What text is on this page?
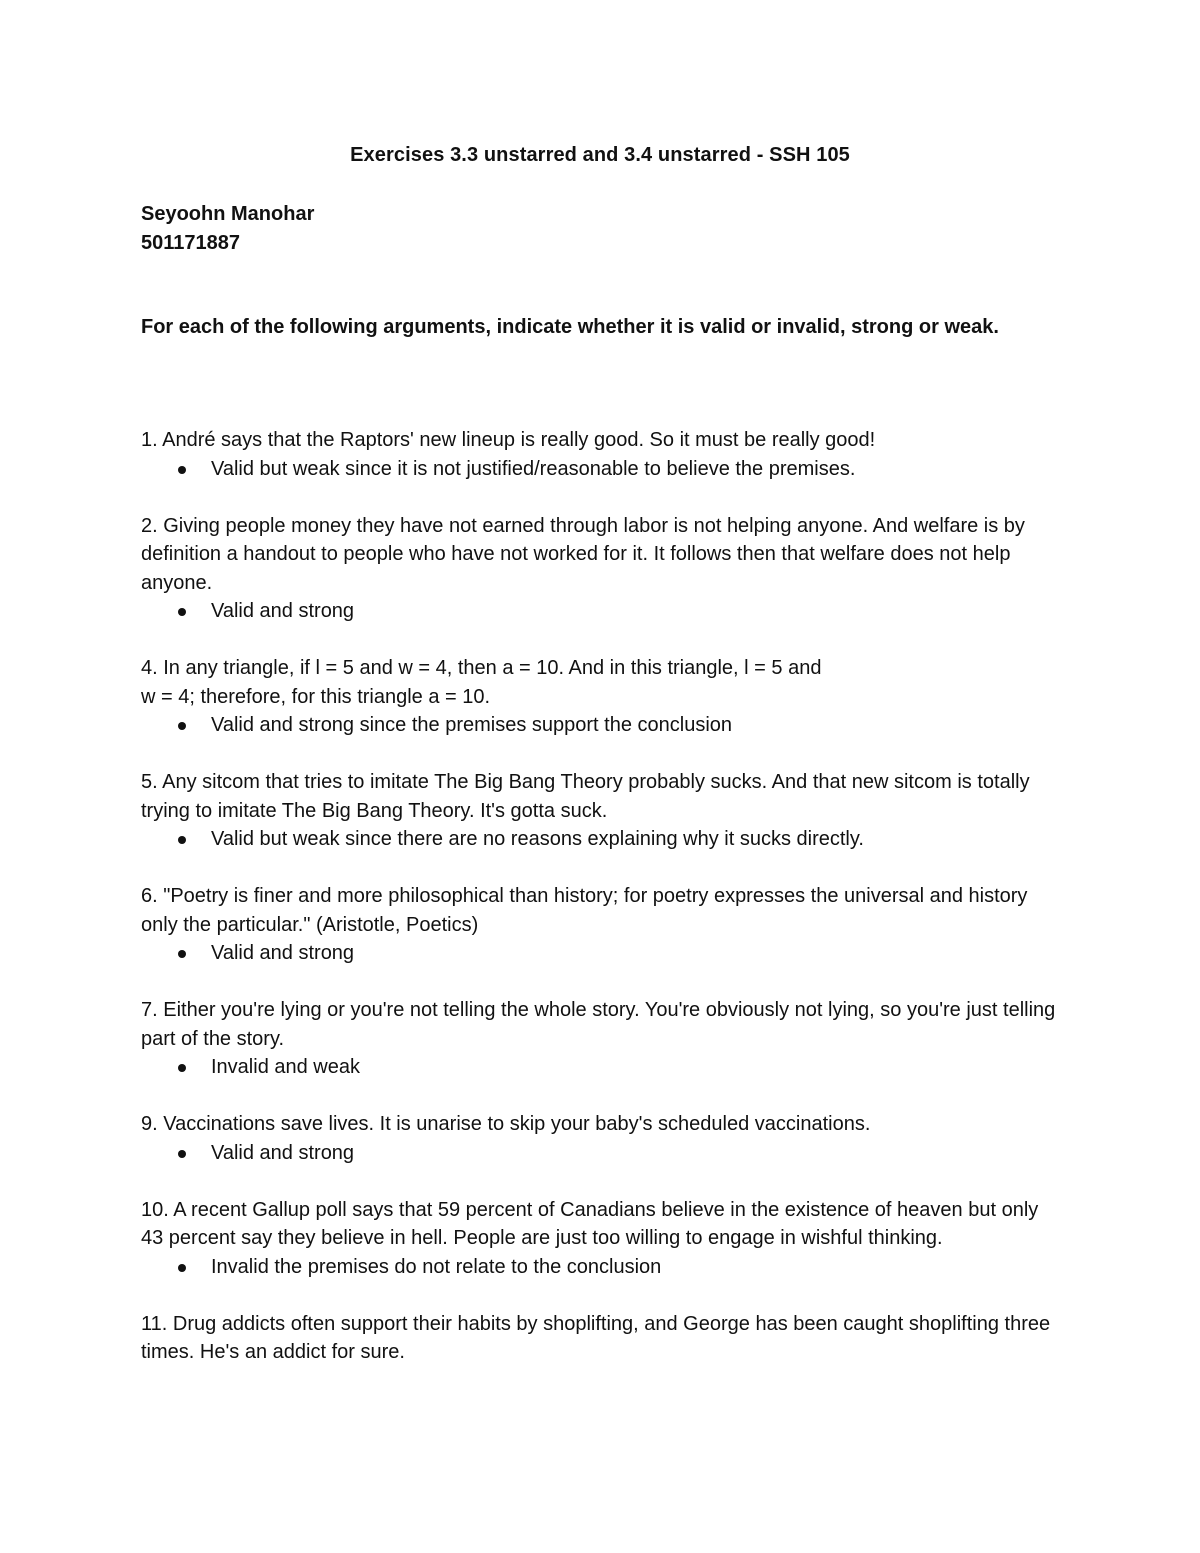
Exercises 3.3 unstarred and 3.4 unstarred - SSH 105
Seyoohn Manohar
501171887
For each of the following arguments, indicate whether it is valid or invalid, strong or weak.
1. André says that the Raptors' new lineup is really good. So it must be really good!
Valid but weak since it is not justified/reasonable to believe the premises.
2. Giving people money they have not earned through labor is not helping anyone. And welfare is by definition a handout to people who have not worked for it. It follows then that welfare does not help anyone.
Valid and strong
4. In any triangle, if l = 5 and w = 4, then a = 10. And in this triangle, l = 5 and
w = 4; therefore, for this triangle a = 10.
Valid and strong since the premises support the conclusion
5. Any sitcom that tries to imitate The Big Bang Theory probably sucks. And that new sitcom is totally trying to imitate The Big Bang Theory. It's gotta suck.
Valid but weak since there are no reasons explaining why it sucks directly.
6. "Poetry is finer and more philosophical than history; for poetry expresses the universal and history only the particular." (Aristotle, Poetics)
Valid and strong
7. Either you're lying or you're not telling the whole story. You're obviously not lying, so you're just telling part of the story.
Invalid and weak
9. Vaccinations save lives. It is unarise to skip your baby's scheduled vaccinations.
Valid and strong
10. A recent Gallup poll says that 59 percent of Canadians believe in the existence of heaven but only 43 percent say they believe in hell. People are just too willing to engage in wishful thinking.
Invalid the premises do not relate to the conclusion
11. Drug addicts often support their habits by shoplifting, and George has been caught shoplifting three times. He's an addict for sure.
